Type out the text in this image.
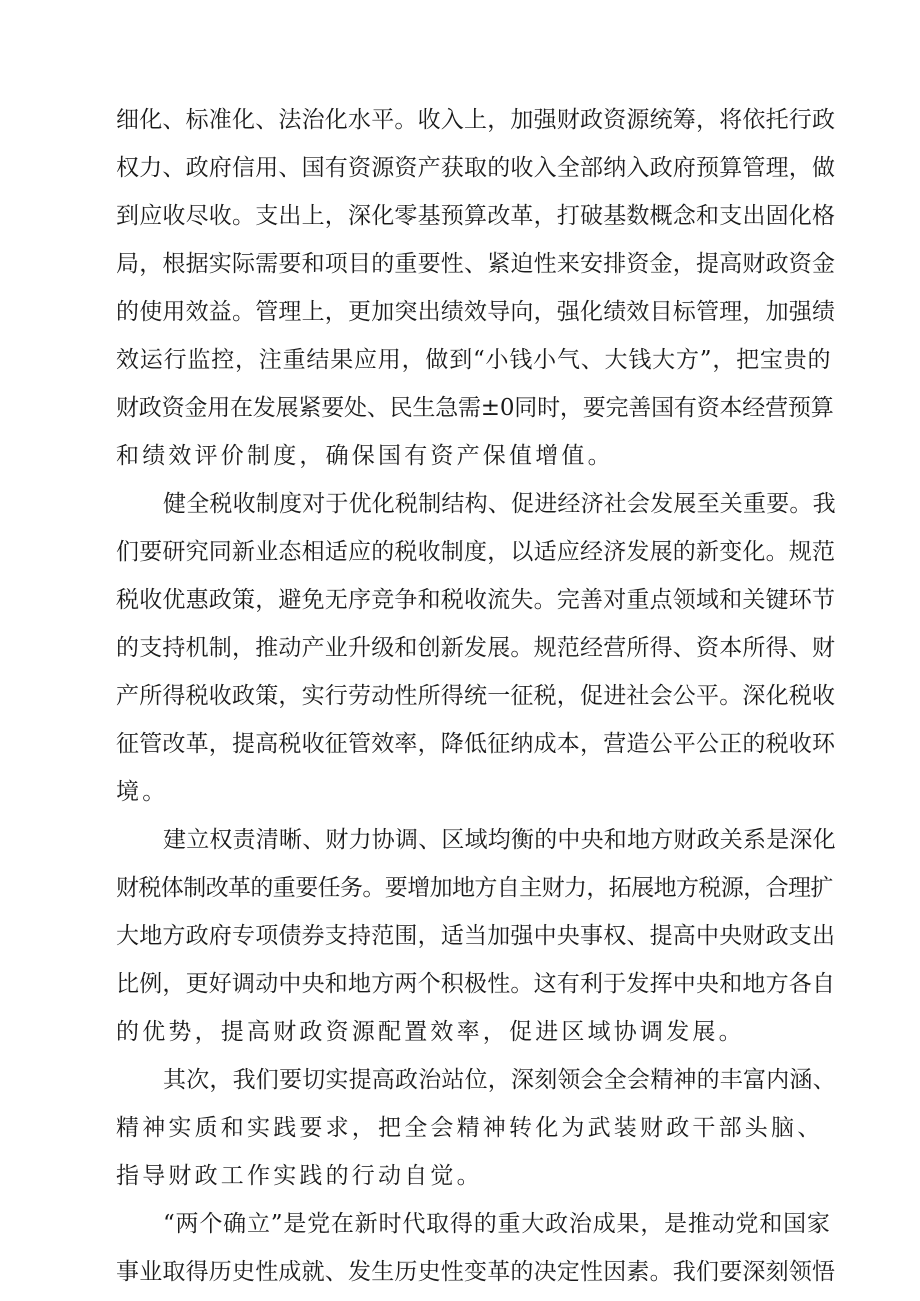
细化、标准化、法治化水平。收入上，加强财政资源统筹，将依托行政
权力、政府信用、国有资源资产获取的收入全部纳入政府预算管理，做
到应收尽收。支出上，深化零基预算改革，打破基数概念和支出固化格
局，根据实际需要和项目的重要性、紧迫性来安排资金，提高财政资金
的使用效益。管理上，更加突出绩效导向，强化绩效目标管理，加强绩
效运行监控，注重结果应用，做到“小钱小气、大钱大方”，把宝贵的
财政资金用在发展紧要处、民生急需±0同时，要完善国有资本经营预算
和绩效评价制度，确保国有资产保值增值。
健全税收制度对于优化税制结构、促进经济社会发展至关重要。我
们要研究同新业态相适应的税收制度，以适应经济发展的新变化。规范
税收优惠政策，避免无序竞争和税收流失。完善对重点领域和关键环节
的支持机制，推动产业升级和创新发展。规范经营所得、资本所得、财
产所得税收政策，实行劳动性所得统一征税，促进社会公平。深化税收
征管改革，提高税收征管效率，降低征纳成本，营造公平公正的税收环
境。
建立权责清晰、财力协调、区域均衡的中央和地方财政关系是深化
财税体制改革的重要任务。要增加地方自主财力，拓展地方税源，合理扩
大地方政府专项债券支持范围，适当加强中央事权、提高中央财政支出
比例，更好调动中央和地方两个积极性。这有利于发挥中央和地方各自
的优势，提高财政资源配置效率，促进区域协调发展。
其次，我们要切实提高政治站位，深刻领会全会精神的丰富内涵、
精神实质和实践要求，把全会精神转化为武装财政干部头脑、
指导财政工作实践的行动自觉。
“两个确立”是党在新时代取得的重大政治成果，是推动党和国家
事业取得历史性成就、发生历史性变革的决定性因素。我们要深刻领悟
